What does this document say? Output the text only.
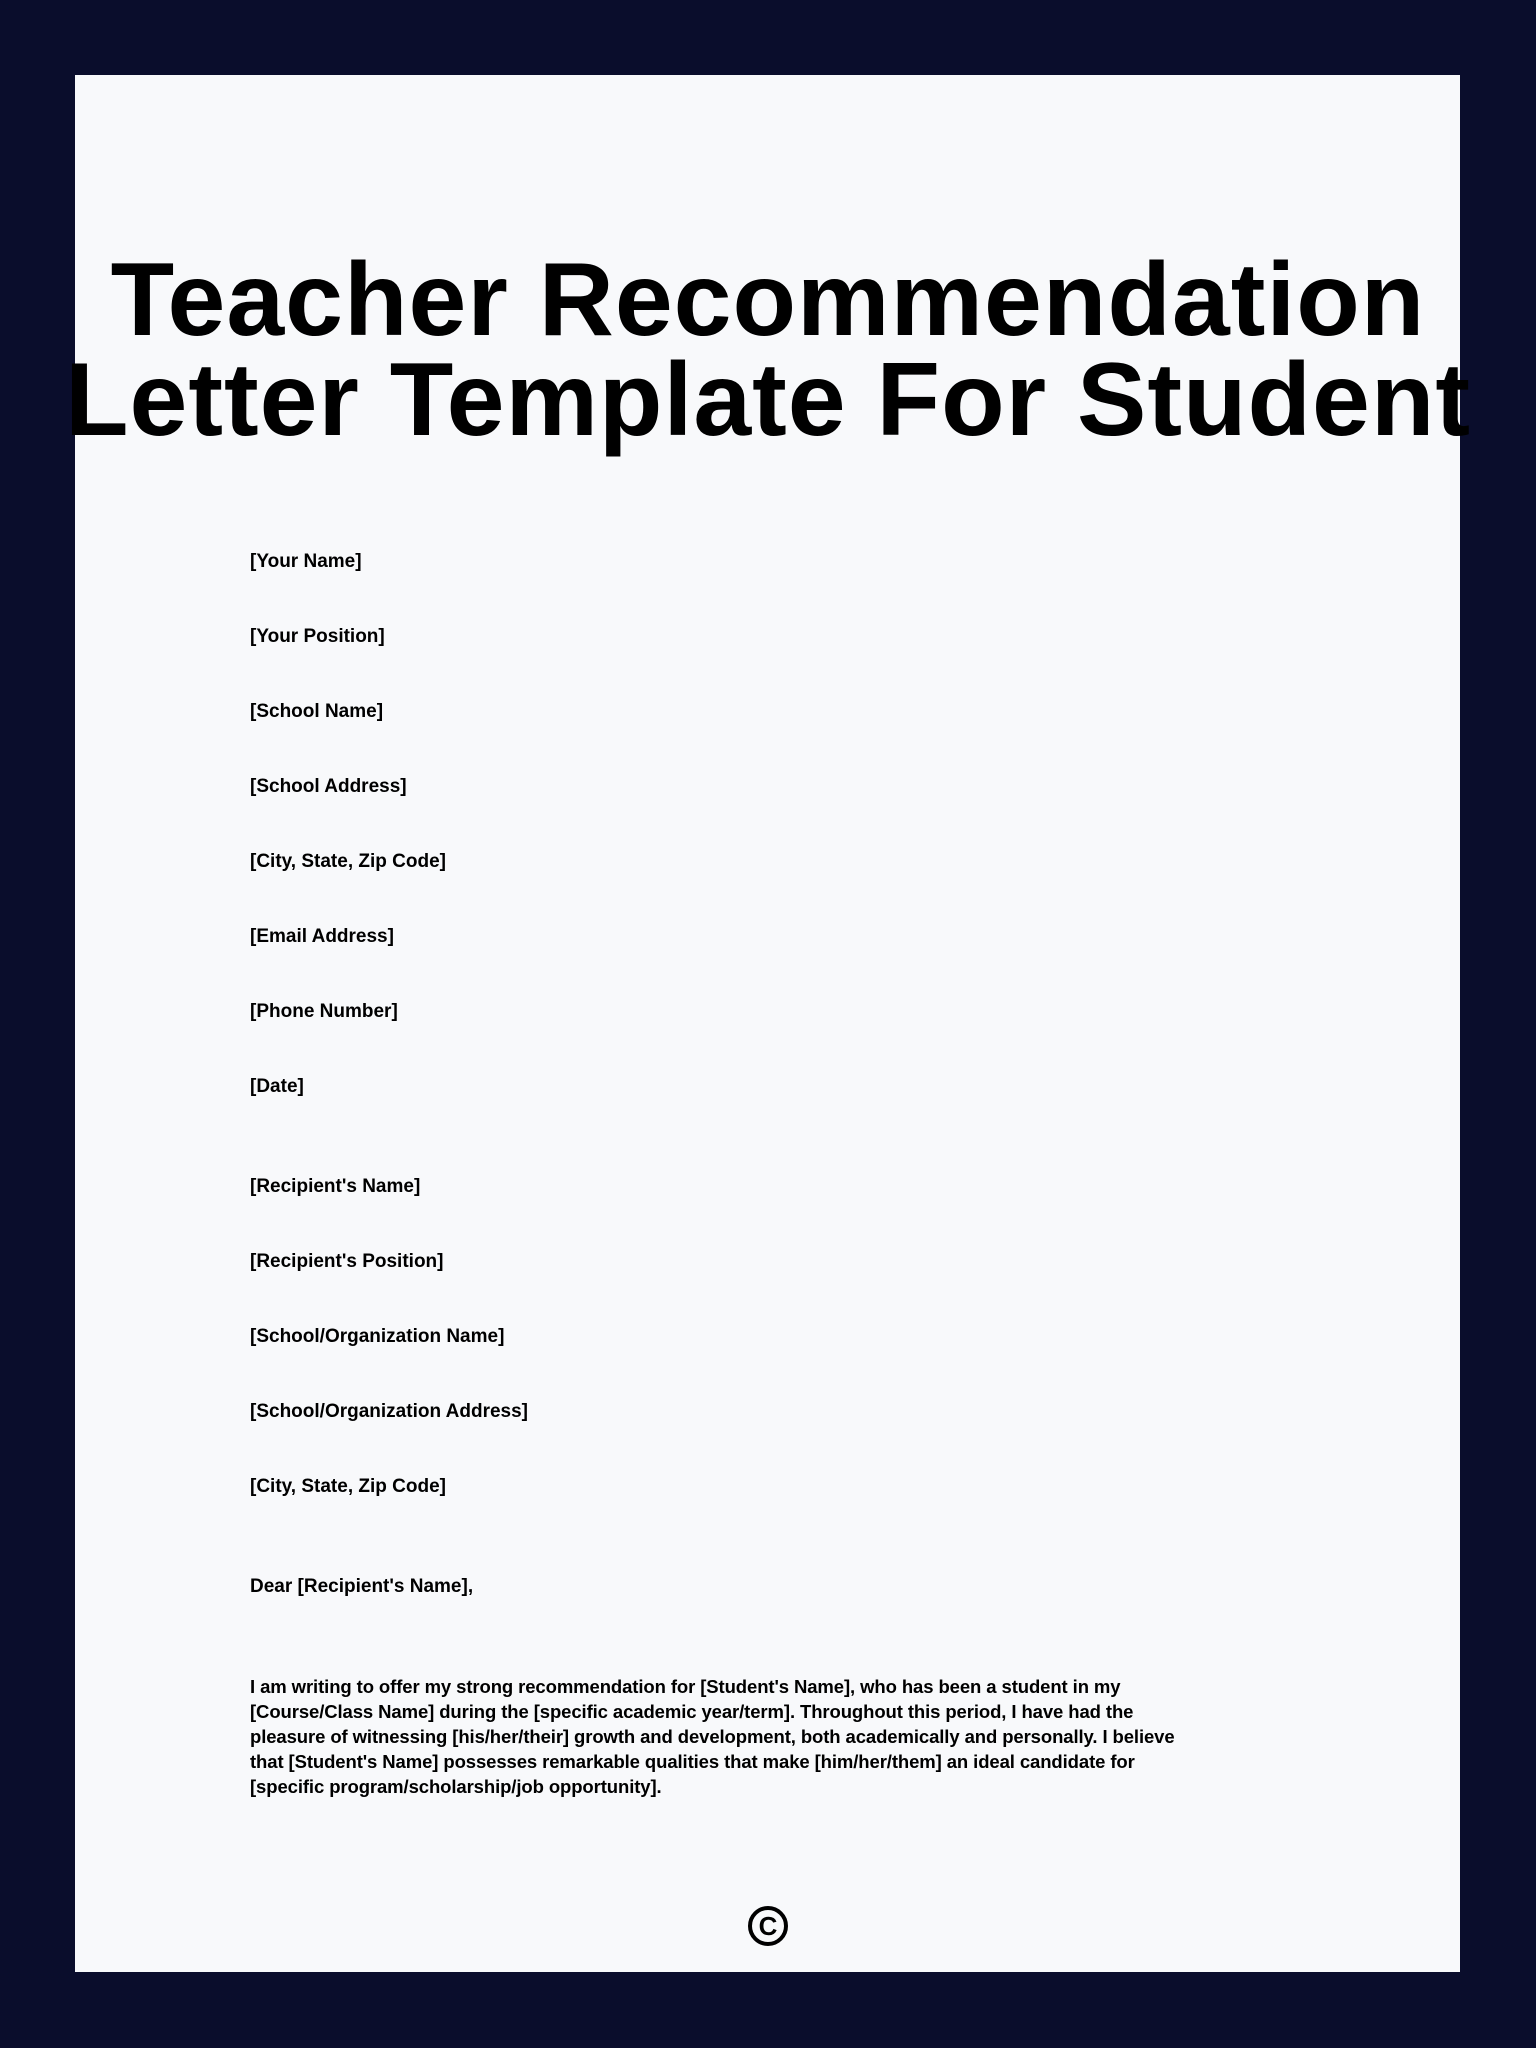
Teacher Recommendation
Letter Template For Student
[Your Name]
[Your Position]
[School Name]
[School Address]
[City, State, Zip Code]
[Email Address]
[Phone Number]
[Date]
[Recipient's Name]
[Recipient's Position]
[School/Organization Name]
[School/Organization Address]
[City, State, Zip Code]
Dear [Recipient's Name],
I am writing to offer my strong recommendation for [Student's Name], who has been a student in my
[Course/Class Name] during the [specific academic year/term]. Throughout this period, I have had the
pleasure of witnessing [his/her/their] growth and development, both academically and personally. I believe
that [Student's Name] possesses remarkable qualities that make [him/her/them] an ideal candidate for
[specific program/scholarship/job opportunity].
C
